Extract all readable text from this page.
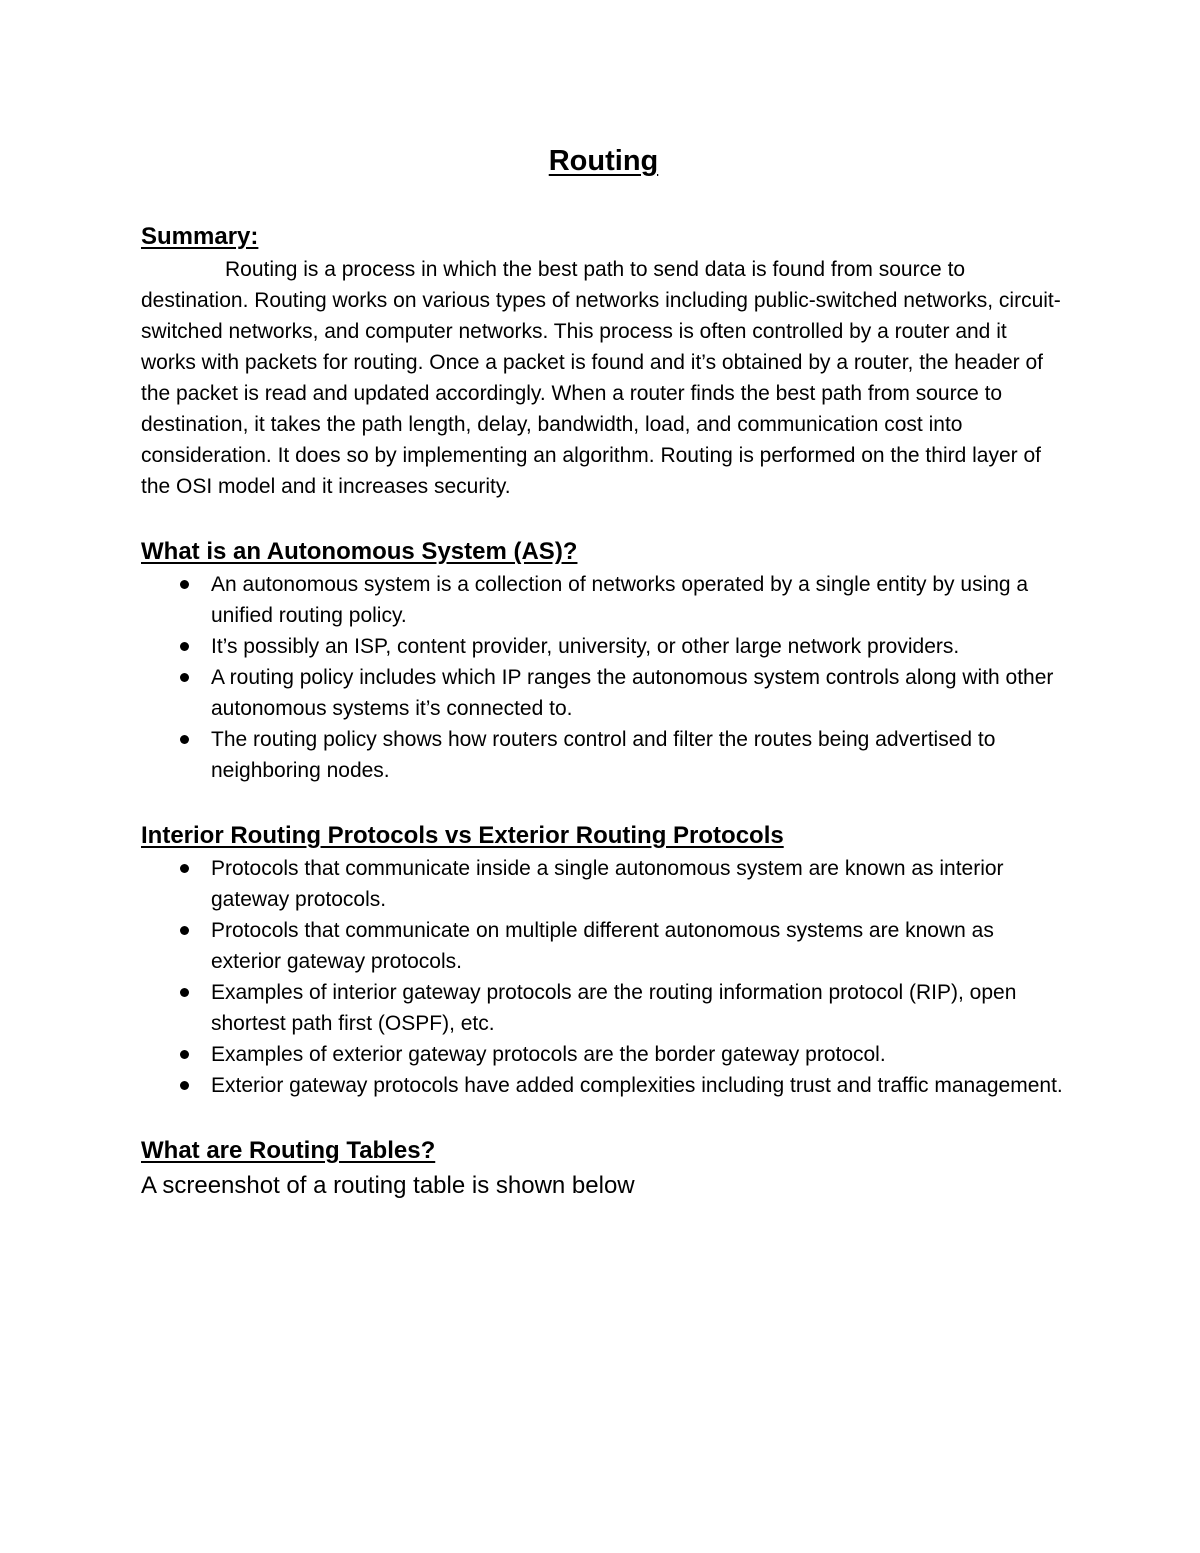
Routing
Summary:

Routing is a process in which the best path to send data is found from source to destination. Routing works on various types of networks including public-switched networks, circuit-switched networks, and computer networks. This process is often controlled by a router and it works with packets for routing. Once a packet is found and it’s obtained by a router, the header of the packet is read and updated accordingly. When a router finds the best path from source to destination, it takes the path length, delay, bandwidth, load, and communication cost into consideration. It does so by implementing an algorithm. Routing is performed on the third layer of the OSI model and it increases security.

What is an Autonomous System (AS)?
An autonomous system is a collection of networks operated by a single entity by using a unified routing policy.
It’s possibly an ISP, content provider, university, or other large network providers.
A routing policy includes which IP ranges the autonomous system controls along with other autonomous systems it’s connected to.
The routing policy shows how routers control and filter the routes being advertised to neighboring nodes.
Interior Routing Protocols vs Exterior Routing Protocols
Protocols that communicate inside a single autonomous system are known as interior gateway protocols.
Protocols that communicate on multiple different autonomous systems are known as exterior gateway protocols.
Examples of interior gateway protocols are the routing information protocol (RIP), open shortest path first (OSPF), etc.
Examples of exterior gateway protocols are the border gateway protocol.
Exterior gateway protocols have added complexities including trust and traffic management.
What are Routing Tables?

A screenshot of a routing table is shown below
